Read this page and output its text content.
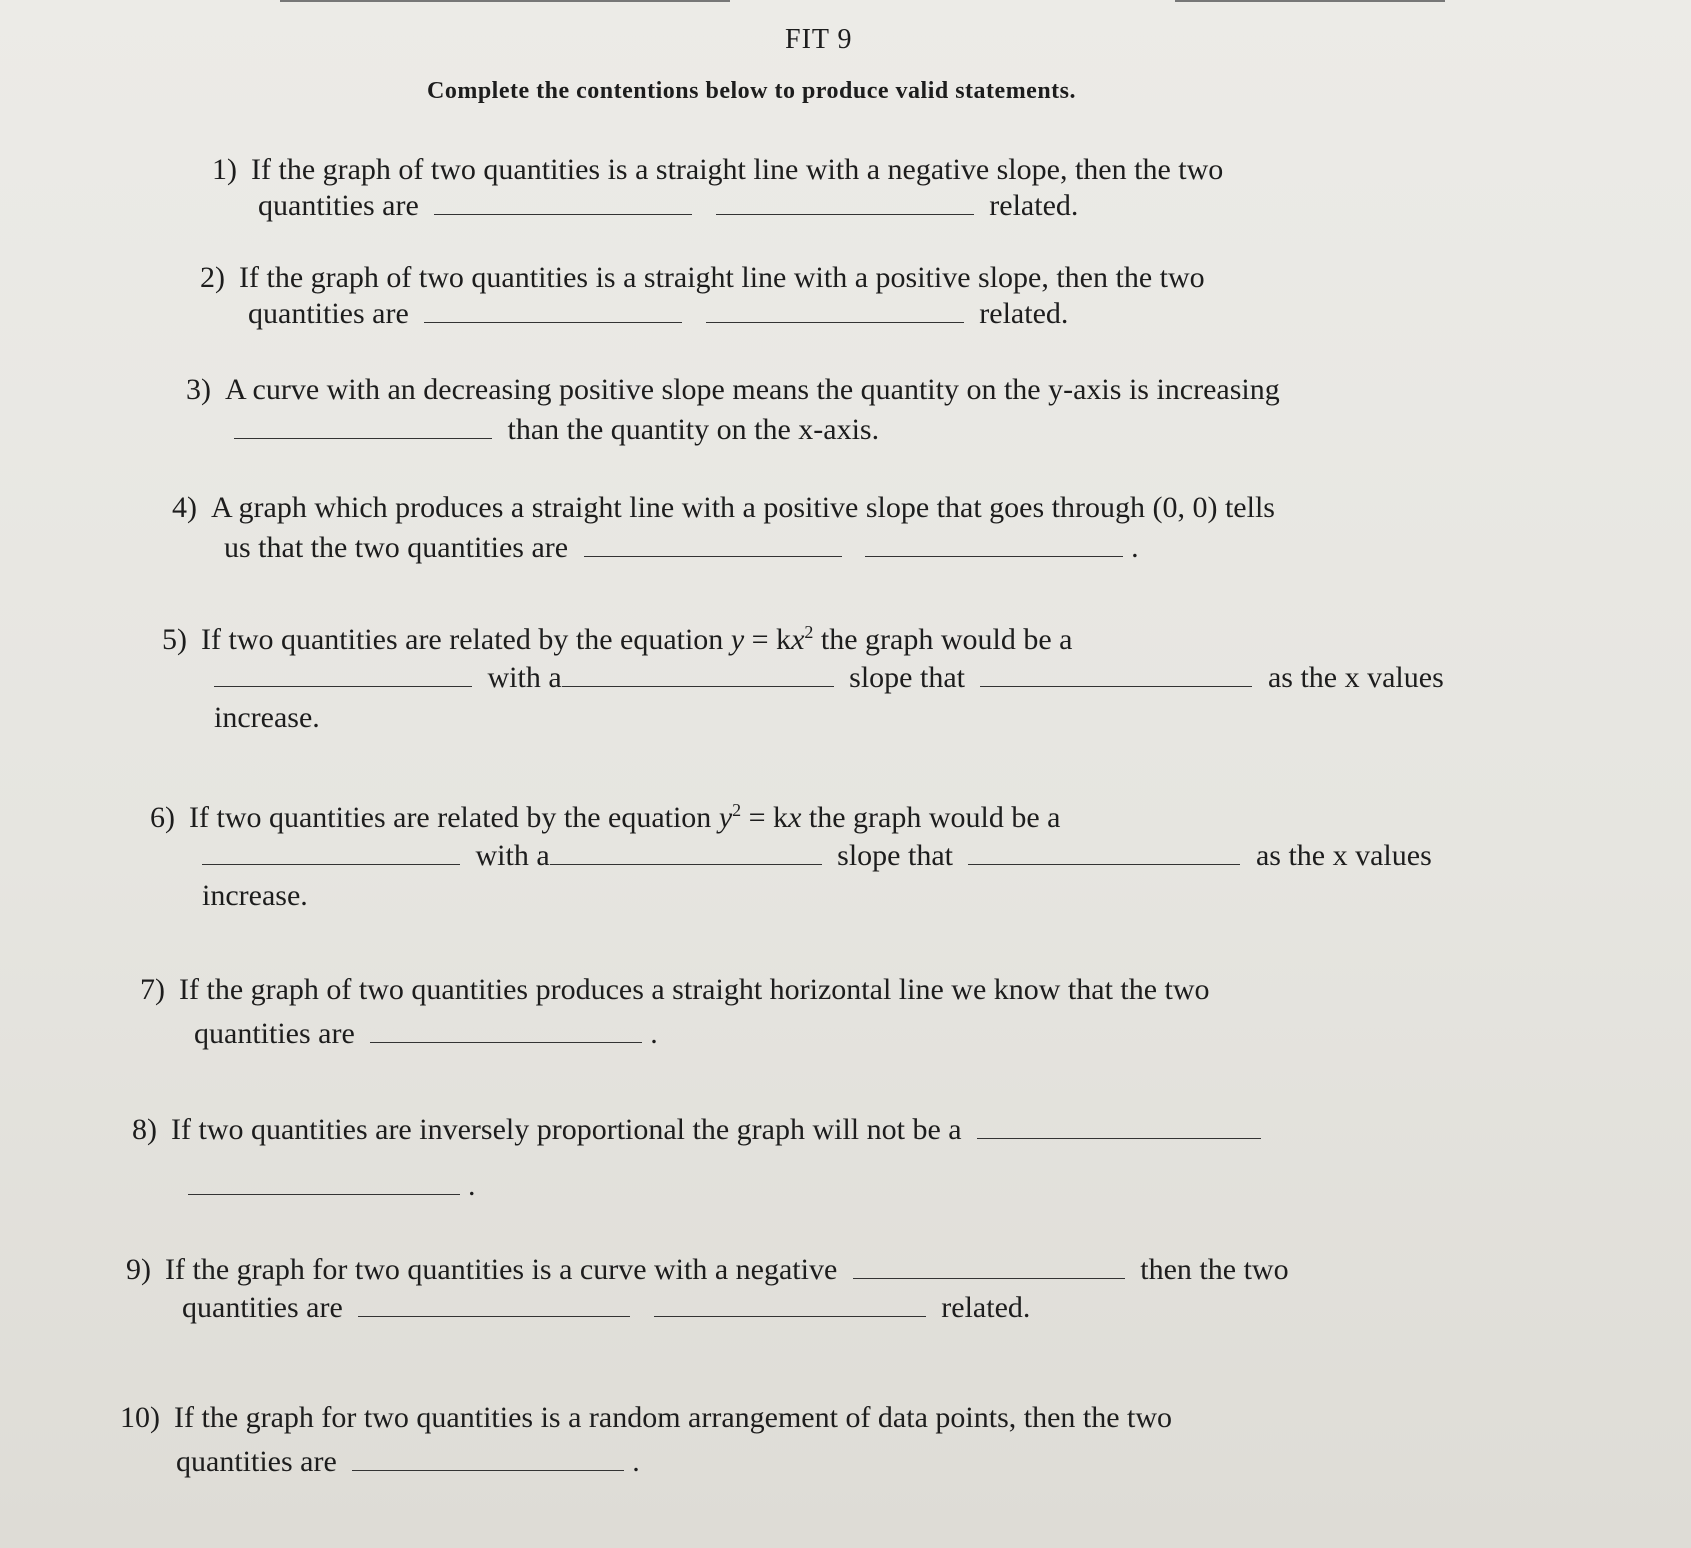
FIT 9
Complete the contentions below to produce valid statements.
1) If the graph of two quantities is a straight line with a negative slope, then the two
quantities are	related.
2) If the graph of two quantities is a straight line with a positive slope, then the two
quantities are	related.
3) A curve with an decreasing positive slope means the quantity on the y-axis is increasing
than the quantity on the x-axis.
4) A graph which produces a straight line with a positive slope that goes through (0, 0) tells
us that the two quantities are	.
5) If two quantities are related by the equation $y = kx^2$ the graph would be a
with a	slope that	as the x values
increase.
6) If two quantities are related by the equation $y^2$ = kx the graph would be a
with a	slope that	as the x values
increase.
7) If the graph of two quantities produces a straight horizontal line we know that the two
quantities are	.
8) If two quantities are inversely proportional the graph will not be a
.
9) If the graph for two quantities is a curve with a negative	then the two
quantities are	related.
10) If the graph for two quantities is a random arrangement of data points, then the two
quantities are	.
